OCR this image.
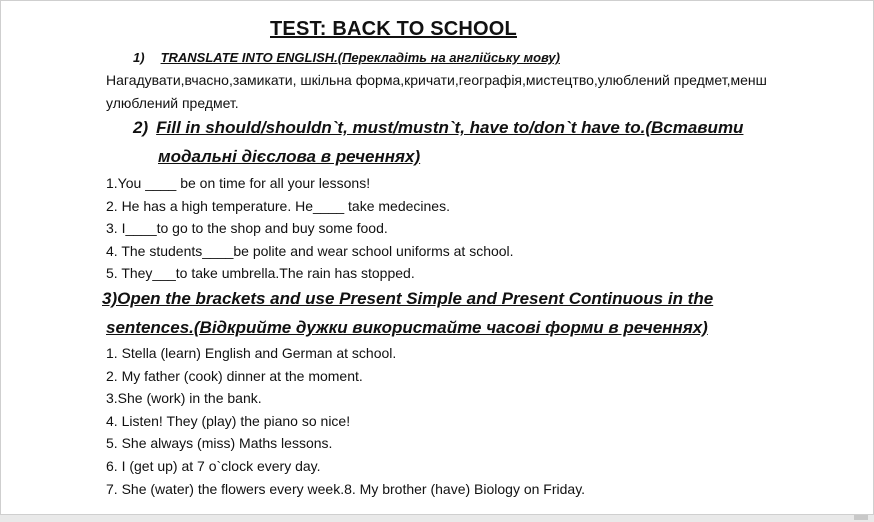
TEST: BACK TO SCHOOL
1) TRANSLATE INTO ENGLISH.(Перекладіть на англійську мову)
Нагадувати,вчасно,замикати, шкільна форма,кричати,географія,мистецтво,улюблений предмет,менш
улюблений предмет.
2) Fill in should/shouldn`t, must/mustn`t, have to/don`t have to.(Вставити
модальні дієслова в реченнях)
1.You ____ be on time for all your lessons!
2. He has a high temperature. He____ take medecines.
3. I____to go to the shop and buy some food.
4. The students____be polite and wear school uniforms at school.
5. They___to take umbrella.The rain has stopped.
3)Open the brackets and use Present Simple and Present Continuous in the
sentences.(Відкрийте дужки використайте часові форми в реченнях)
1. Stella (learn) English and German at school.
2. My father (cook) dinner at the moment.
3.She (work) in the bank.
4. Listen! They (play) the piano so nice!
5. She always (miss) Maths lessons.
6. I (get up) at 7 o`clock every day.
7. She (water) the flowers every week.8. My brother (have) Biology on Friday.
